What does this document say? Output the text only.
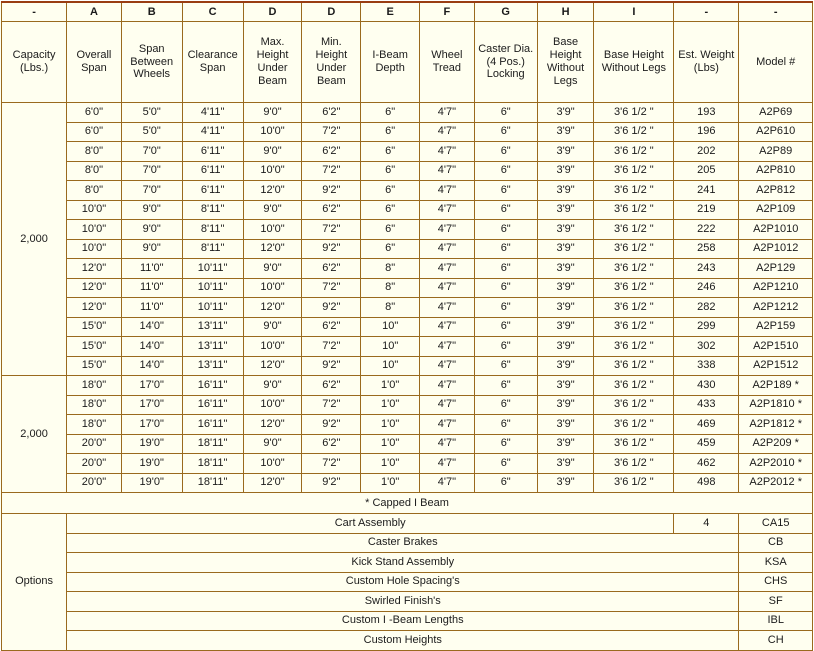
-	A	B	C	D	D	E	F	G	H	I	-	-
Capacity (Lbs.)	Overall Span	Span Between Wheels	Clearance Span	Max. Height Under Beam	Min. Height Under Beam	I-Beam Depth	Wheel Tread	Caster Dia. (4 Pos.) Locking	Base Height Without Legs	Base Height Without Legs	Est. Weight (Lbs)	Model #
2,000	6'0"	5'0"	4'11"	9'0"	6'2"	6"	4'7"	6"	3'9"	3'6 1/2 "	193	A2P69
	6'0"	5'0"	4'11"	10'0"	7'2"	6"	4'7"	6"	3'9"	3'6 1/2 "	196	A2P610
	8'0"	7'0"	6'11"	9'0"	6'2"	6"	4'7"	6"	3'9"	3'6 1/2 "	202	A2P89
	8'0"	7'0"	6'11"	10'0"	7'2"	6"	4'7"	6"	3'9"	3'6 1/2 "	205	A2P810
	8'0"	7'0"	6'11"	12'0"	9'2"	6"	4'7"	6"	3'9"	3'6 1/2 "	241	A2P812
	10'0"	9'0"	8'11"	9'0"	6'2"	6"	4'7"	6"	3'9"	3'6 1/2 "	219	A2P109
	10'0"	9'0"	8'11"	10'0"	7'2"	6"	4'7"	6"	3'9"	3'6 1/2 "	222	A2P1010
	10'0"	9'0"	8'11"	12'0"	9'2"	6"	4'7"	6"	3'9"	3'6 1/2 "	258	A2P1012
	12'0"	11'0"	10'11"	9'0"	6'2"	8"	4'7"	6"	3'9"	3'6 1/2 "	243	A2P129
	12'0"	11'0"	10'11"	10'0"	7'2"	8"	4'7"	6"	3'9"	3'6 1/2 "	246	A2P1210
	12'0"	11'0"	10'11"	12'0"	9'2"	8"	4'7"	6"	3'9"	3'6 1/2 "	282	A2P1212
	15'0"	14'0"	13'11"	9'0"	6'2"	10"	4'7"	6"	3'9"	3'6 1/2 "	299	A2P159
	15'0"	14'0"	13'11"	10'0"	7'2"	10"	4'7"	6"	3'9"	3'6 1/2 "	302	A2P1510
	15'0"	14'0"	13'11"	12'0"	9'2"	10"	4'7"	6"	3'9"	3'6 1/2 "	338	A2P1512
2,000	18'0"	17'0"	16'11"	9'0"	6'2"	1'0"	4'7"	6"	3'9"	3'6 1/2 "	430	A2P189 *
	18'0"	17'0"	16'11"	10'0"	7'2"	1'0"	4'7"	6"	3'9"	3'6 1/2 "	433	A2P1810 *
	18'0"	17'0"	16'11"	12'0"	9'2"	1'0"	4'7"	6"	3'9"	3'6 1/2 "	469	A2P1812 *
	20'0"	19'0"	18'11"	9'0"	6'2"	1'0"	4'7"	6"	3'9"	3'6 1/2 "	459	A2P209 *
	20'0"	19'0"	18'11"	10'0"	7'2"	1'0"	4'7"	6"	3'9"	3'6 1/2 "	462	A2P2010 *
	20'0"	19'0"	18'11"	12'0"	9'2"	1'0"	4'7"	6"	3'9"	3'6 1/2 "	498	A2P2012 *
* Capped I Beam												
Options	Cart Assembly										4	CA15
	Caster Brakes											CB
	Kick Stand Assembly											KSA
	Custom Hole Spacing's											CHS
	Swirled Finish's											SF
	Custom I -Beam Lengths											IBL
	Custom Heights											CH
